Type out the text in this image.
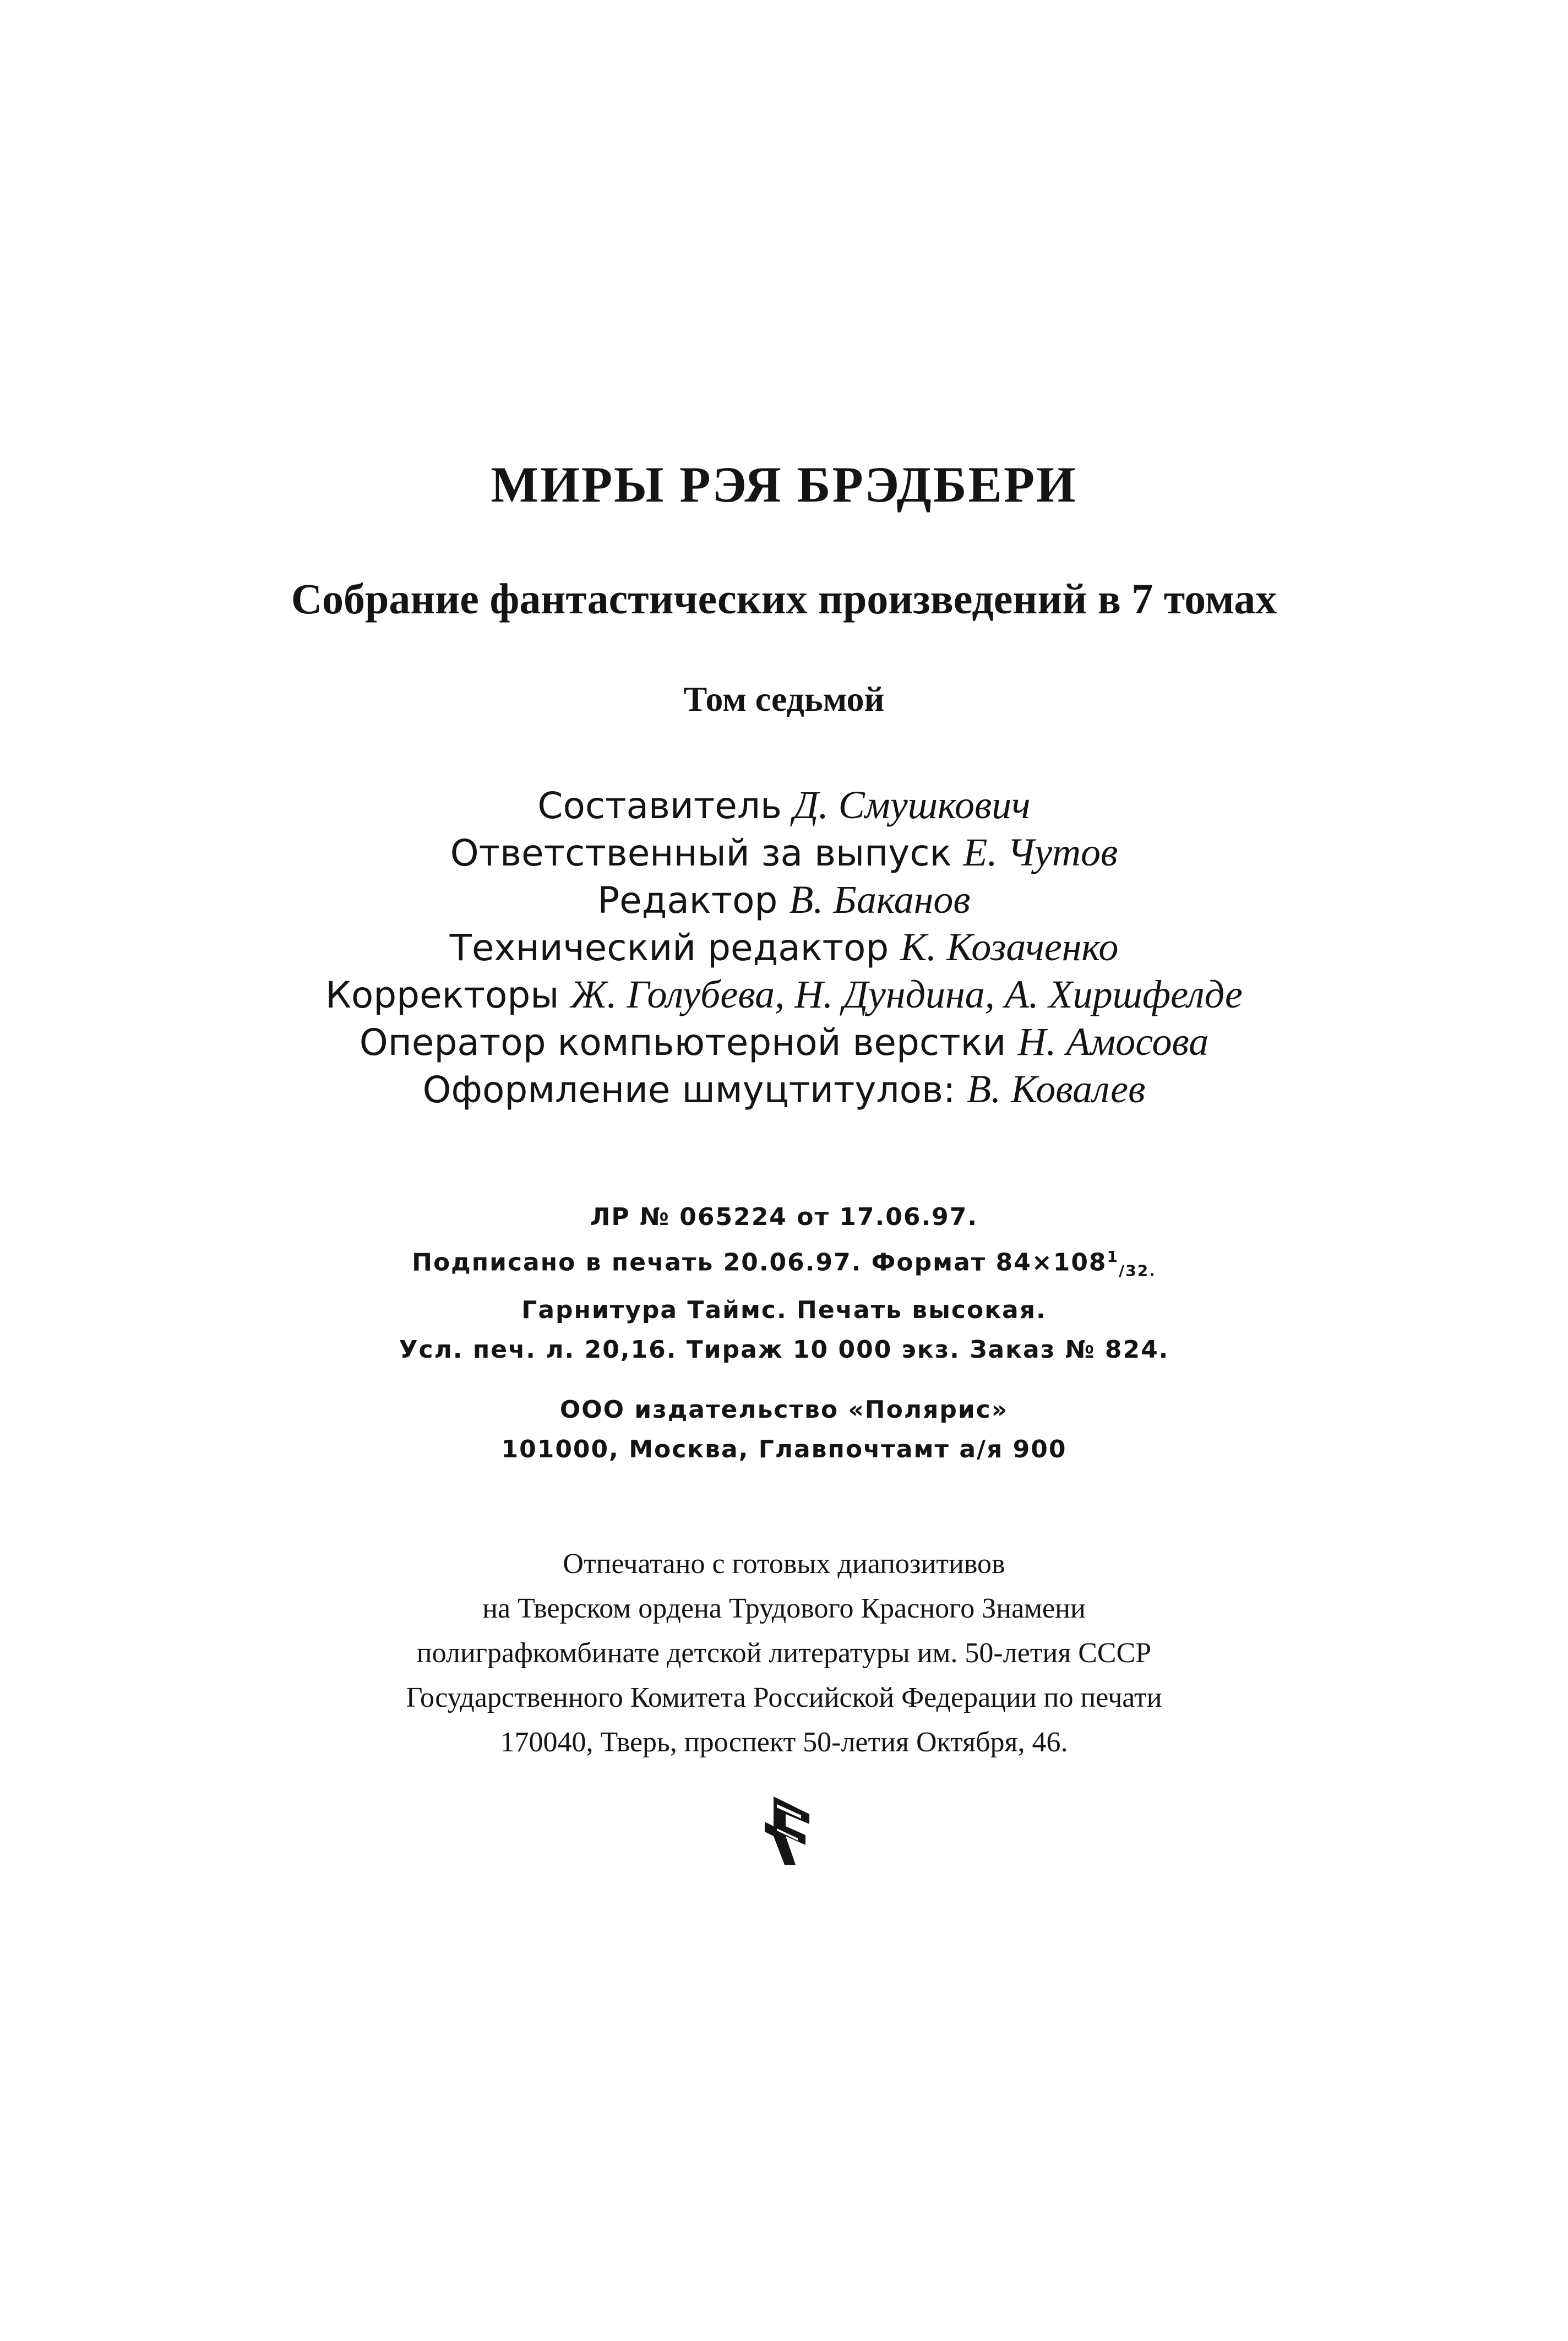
МИРЫ РЭЯ БРЭДБЕРИ
Собрание фантастических произведений в 7 томах
Том седьмой
Составитель Д. Смушкович
Ответственный за выпуск Е. Чутов
Редактор В. Баканов
Технический редактор К. Козаченко
Корректоры Ж. Голубева, Н. Дундина, А. Хиршфелде
Оператор компьютерной верстки Н. Амосова
Оформление шмуцтитулов: В. Ковалев
ЛР № 065224 от 17.06.97.
Подписано в печать 20.06.97. Формат $84\times 108^1_{/32.}$
Гарнитура Таймс. Печать высокая.
Усл. печ. л. 20,16. Тираж 10 000 экз. Заказ № 824.
ООО издательство «Полярис»
101000, Москва, Главпочтамт а/я 900
Отпечатано с готовых диапозитивов
на Тверском ордена Трудового Красного Знамени
полиграфкомбинате детской литературы им. 50-летия СССР
Государственного Комитета Российской Федерации по печати
170040, Тверь, проспект 50-летия Октября, 46.
